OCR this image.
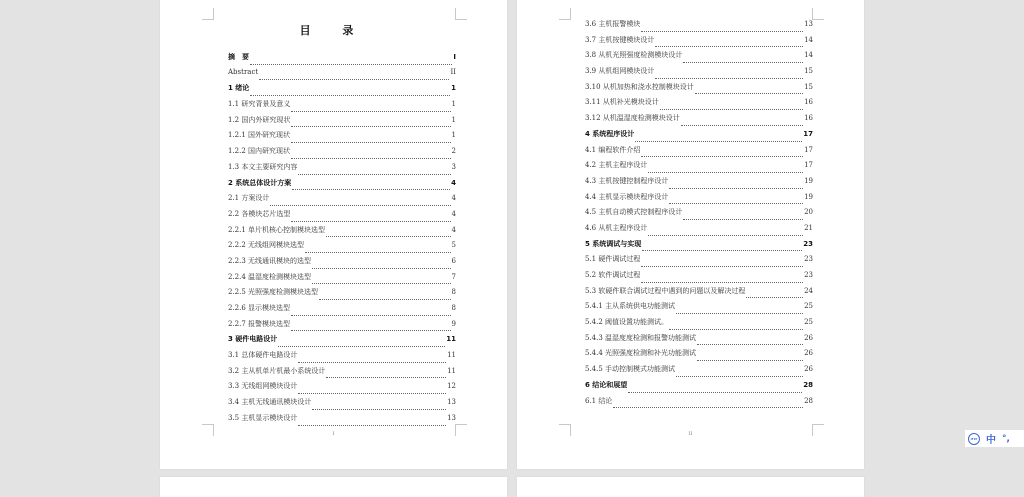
目 录
摘　要	I
Abstract	II
1 绪论	1
1.1 研究背景及意义	1
1.2 国内外研究现状	1
1.2.1 国外研究现状	1
1.2.2 国内研究现状	2
1.3 本文主要研究内容	3
2 系统总体设计方案	4
2.1 方案设计	4
2.2 各模块芯片选型	4
2.2.1 单片机核心控制模块选型	4
2.2.2 无线组网模块选型	5
2.2.3 无线通讯模块的选型	6
2.2.4 温湿度检测模块选型	7
2.2.5 光照强度检测模块选型	8
2.2.6 显示模块选型	8
2.2.7 报警模块选型	9
3 硬件电路设计	11
3.1 总体硬件电路设计	11
3.2 主从机单片机最小系统设计	11
3.3 无线组网模块设计	12
3.4 主机无线通讯模块设计	13
3.5 主机显示模块设计	13
I
3.6 主机报警模块	13
3.7 主机按键模块设计	14
3.8 从机光照强度检测模块设计	14
3.9 从机组网模块设计	15
3.10 从机加热和浇水控制模块设计	15
3.11 从机补光模块设计	16
3.12 从机温湿度检测模块设计	16
4 系统程序设计	17
4.1 编程软件介绍	17
4.2 主机主程序设计	17
4.3 主机按键控制程序设计	19
4.4 主机显示模块程序设计	19
4.5 主机自动模式控制程序设计	20
4.6 从机主程序设计	21
5 系统调试与实现	23
5.1 硬件调试过程	23
5.2 软件调试过程	23
5.3 软硬件联合调试过程中遇到的问题以及解决过程	24
5.4.1 主从系统供电功能测试	25
5.4.2 阈值设置功能测试。	25
5.4.3 温湿度度检测和报警功能测试	26
5.4.4 光照强度检测和补光功能测试	26
5.4.5 手动控制模式功能测试	26
6 结论和展望	28
6.1 结论	28
II
iFLY 中 °,
